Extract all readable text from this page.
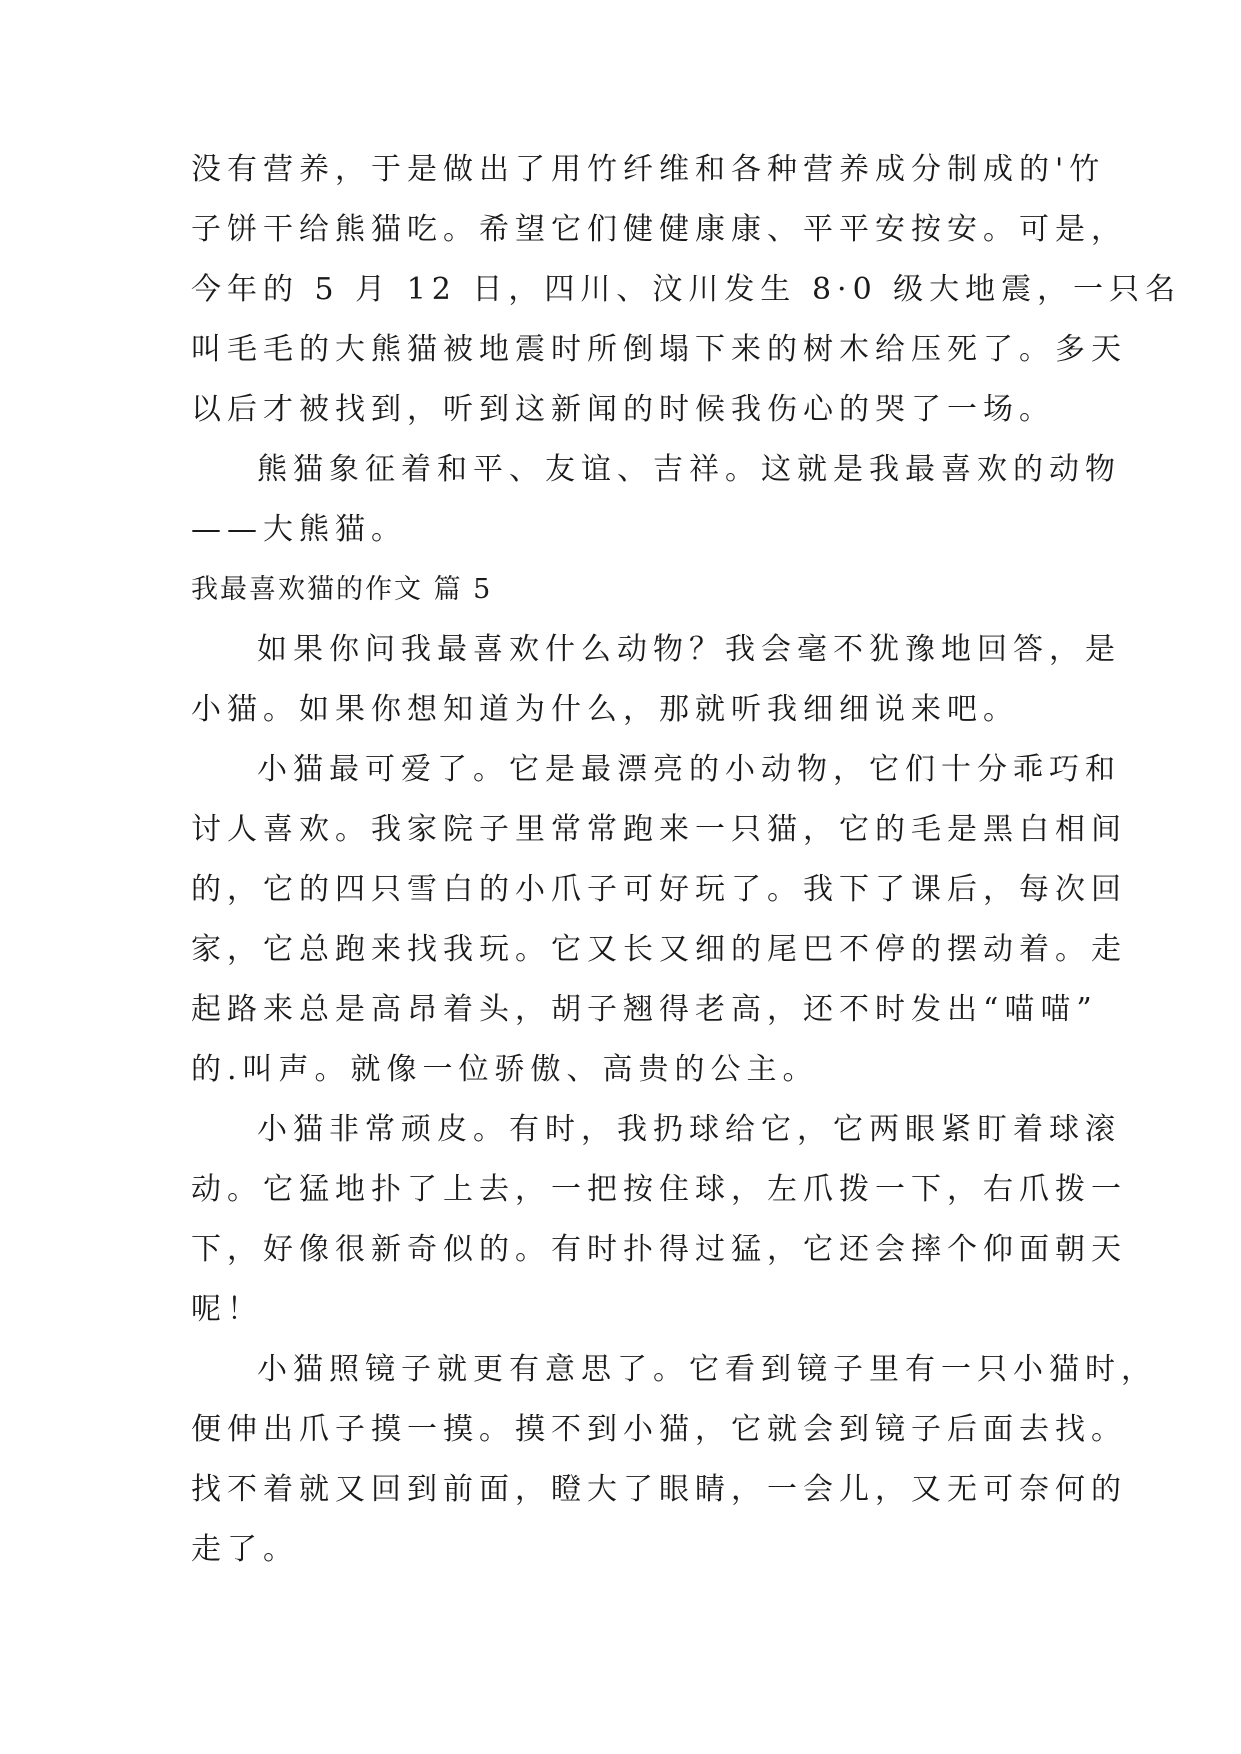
没有营养，于是做出了用竹纤维和各种营养成分制成的'竹
子饼干给熊猫吃。希望它们健健康康、平平安按安。可是，
今年的 5 月 12 日，四川、汶川发生 8·0 级大地震，一只名
叫毛毛的大熊猫被地震时所倒塌下来的树木给压死了。多天
以后才被找到，听到这新闻的时候我伤心的哭了一场。
熊猫象征着和平、友谊、吉祥。这就是我最喜欢的动物
——大熊猫。
我最喜欢猫的作文 篇 5
如果你问我最喜欢什么动物？我会毫不犹豫地回答，是
小猫。如果你想知道为什么，那就听我细细说来吧。
小猫最可爱了。它是最漂亮的小动物，它们十分乖巧和
讨人喜欢。我家院子里常常跑来一只猫，它的毛是黑白相间
的，它的四只雪白的小爪子可好玩了。我下了课后，每次回
家，它总跑来找我玩。它又长又细的尾巴不停的摆动着。走
起路来总是高昂着头，胡子翘得老高，还不时发出“喵喵”
的.叫声。就像一位骄傲、高贵的公主。
小猫非常顽皮。有时，我扔球给它，它两眼紧盯着球滚
动。它猛地扑了上去，一把按住球，左爪拨一下，右爪拨一
下，好像很新奇似的。有时扑得过猛，它还会摔个仰面朝天
呢！
小猫照镜子就更有意思了。它看到镜子里有一只小猫时，
便伸出爪子摸一摸。摸不到小猫，它就会到镜子后面去找。
找不着就又回到前面，瞪大了眼睛，一会儿，又无可奈何的
走了。
